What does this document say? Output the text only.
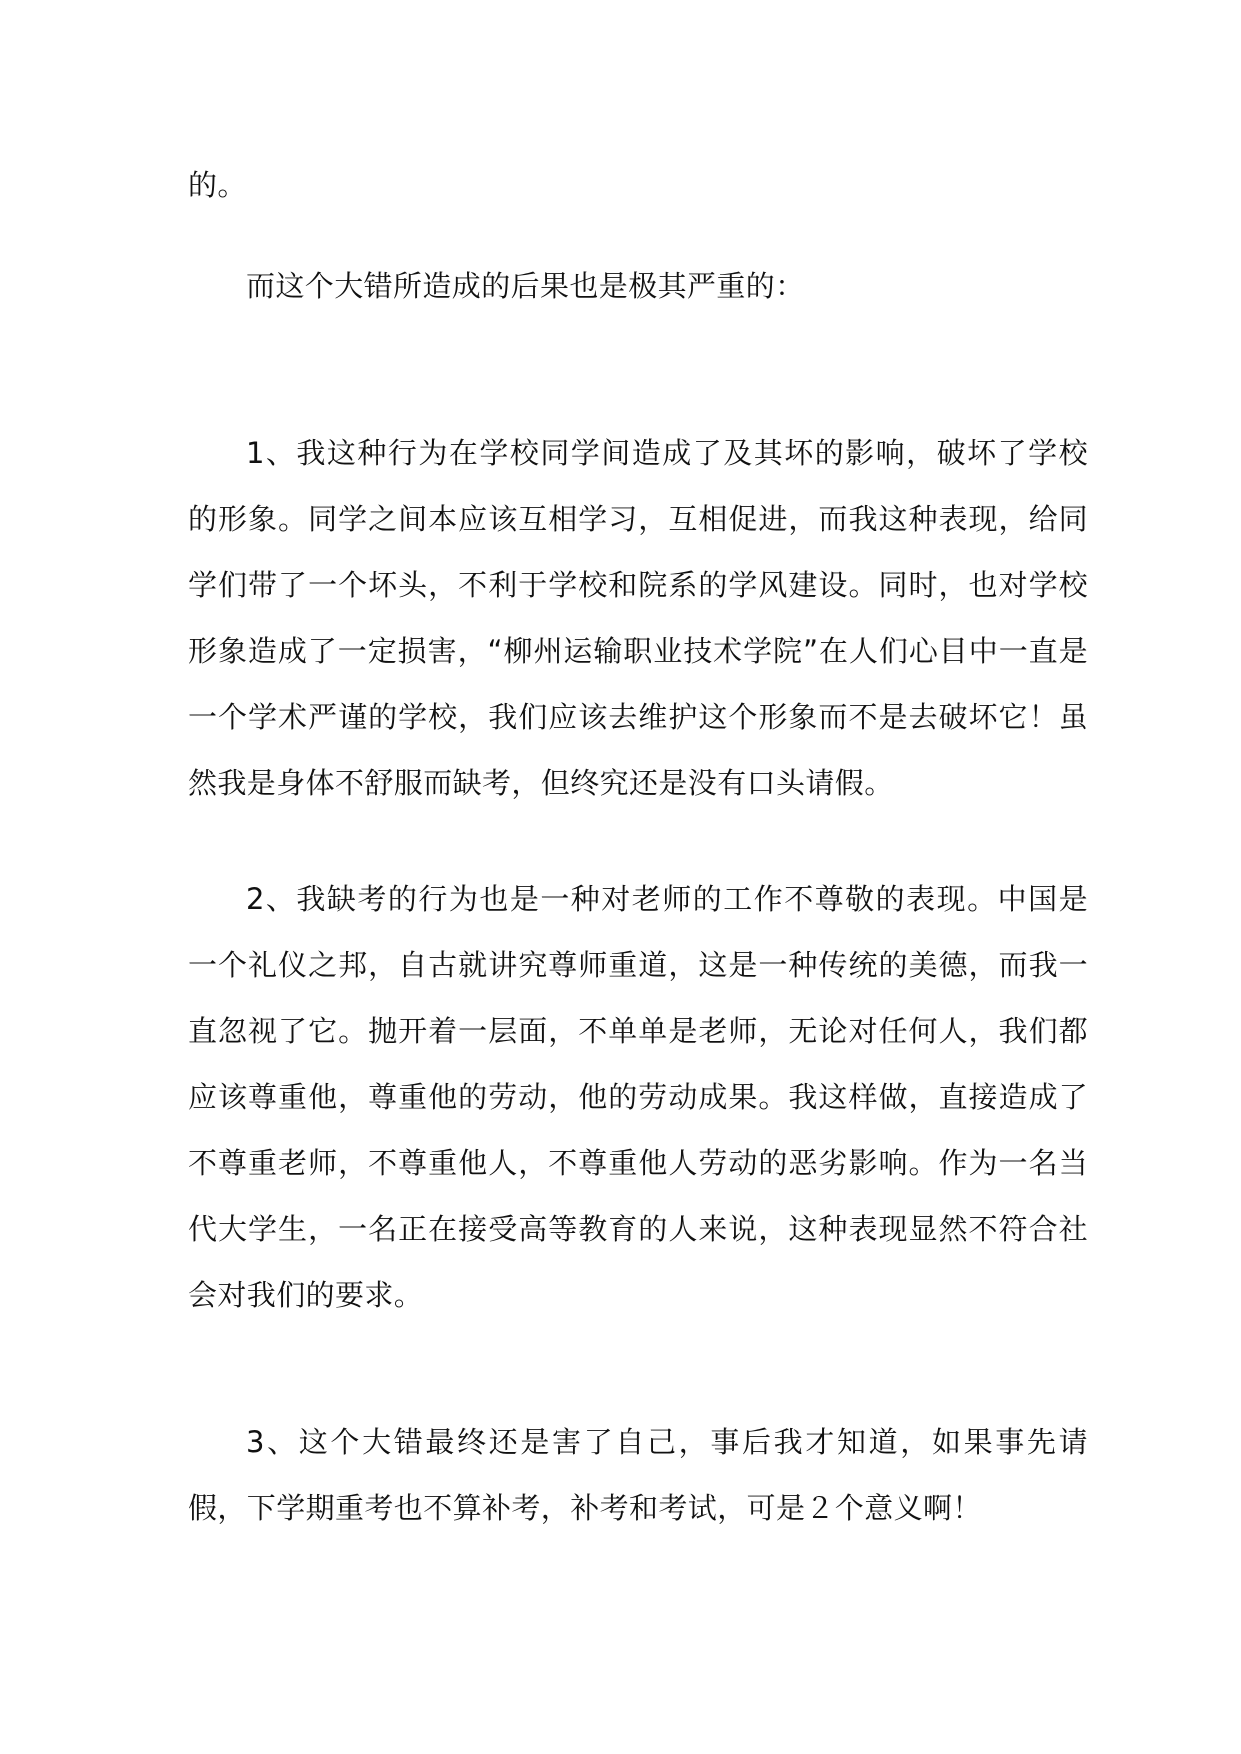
的。

而这个大错所造成的后果也是极其严重的：

1、我这种行为在学校同学间造成了及其坏的影响，破坏了学校的形象。同学之间本应该互相学习，互相促进，而我这种表现，给同学们带了一个坏头，不利于学校和院系的学风建设。同时，也对学校形象造成了一定损害，“柳州运输职业技术学院”在人们心目中一直是一个学术严谨的学校，我们应该去维护这个形象而不是去破坏它！虽然我是身体不舒服而缺考，但终究还是没有口头请假。

2、我缺考的行为也是一种对老师的工作不尊敬的表现。中国是一个礼仪之邦，自古就讲究尊师重道，这是一种传统的美德，而我一直忽视了它。抛开着一层面，不单单是老师，无论对任何人，我们都应该尊重他，尊重他的劳动，他的劳动成果。我这样做，直接造成了不尊重老师，不尊重他人，不尊重他人劳动的恶劣影响。作为一名当代大学生，一名正在接受高等教育的人来说，这种表现显然不符合社会对我们的要求。

3、这个大错最终还是害了自己，事后我才知道，如果事先请假，下学期重考也不算补考，补考和考试，可是２个意义啊！
